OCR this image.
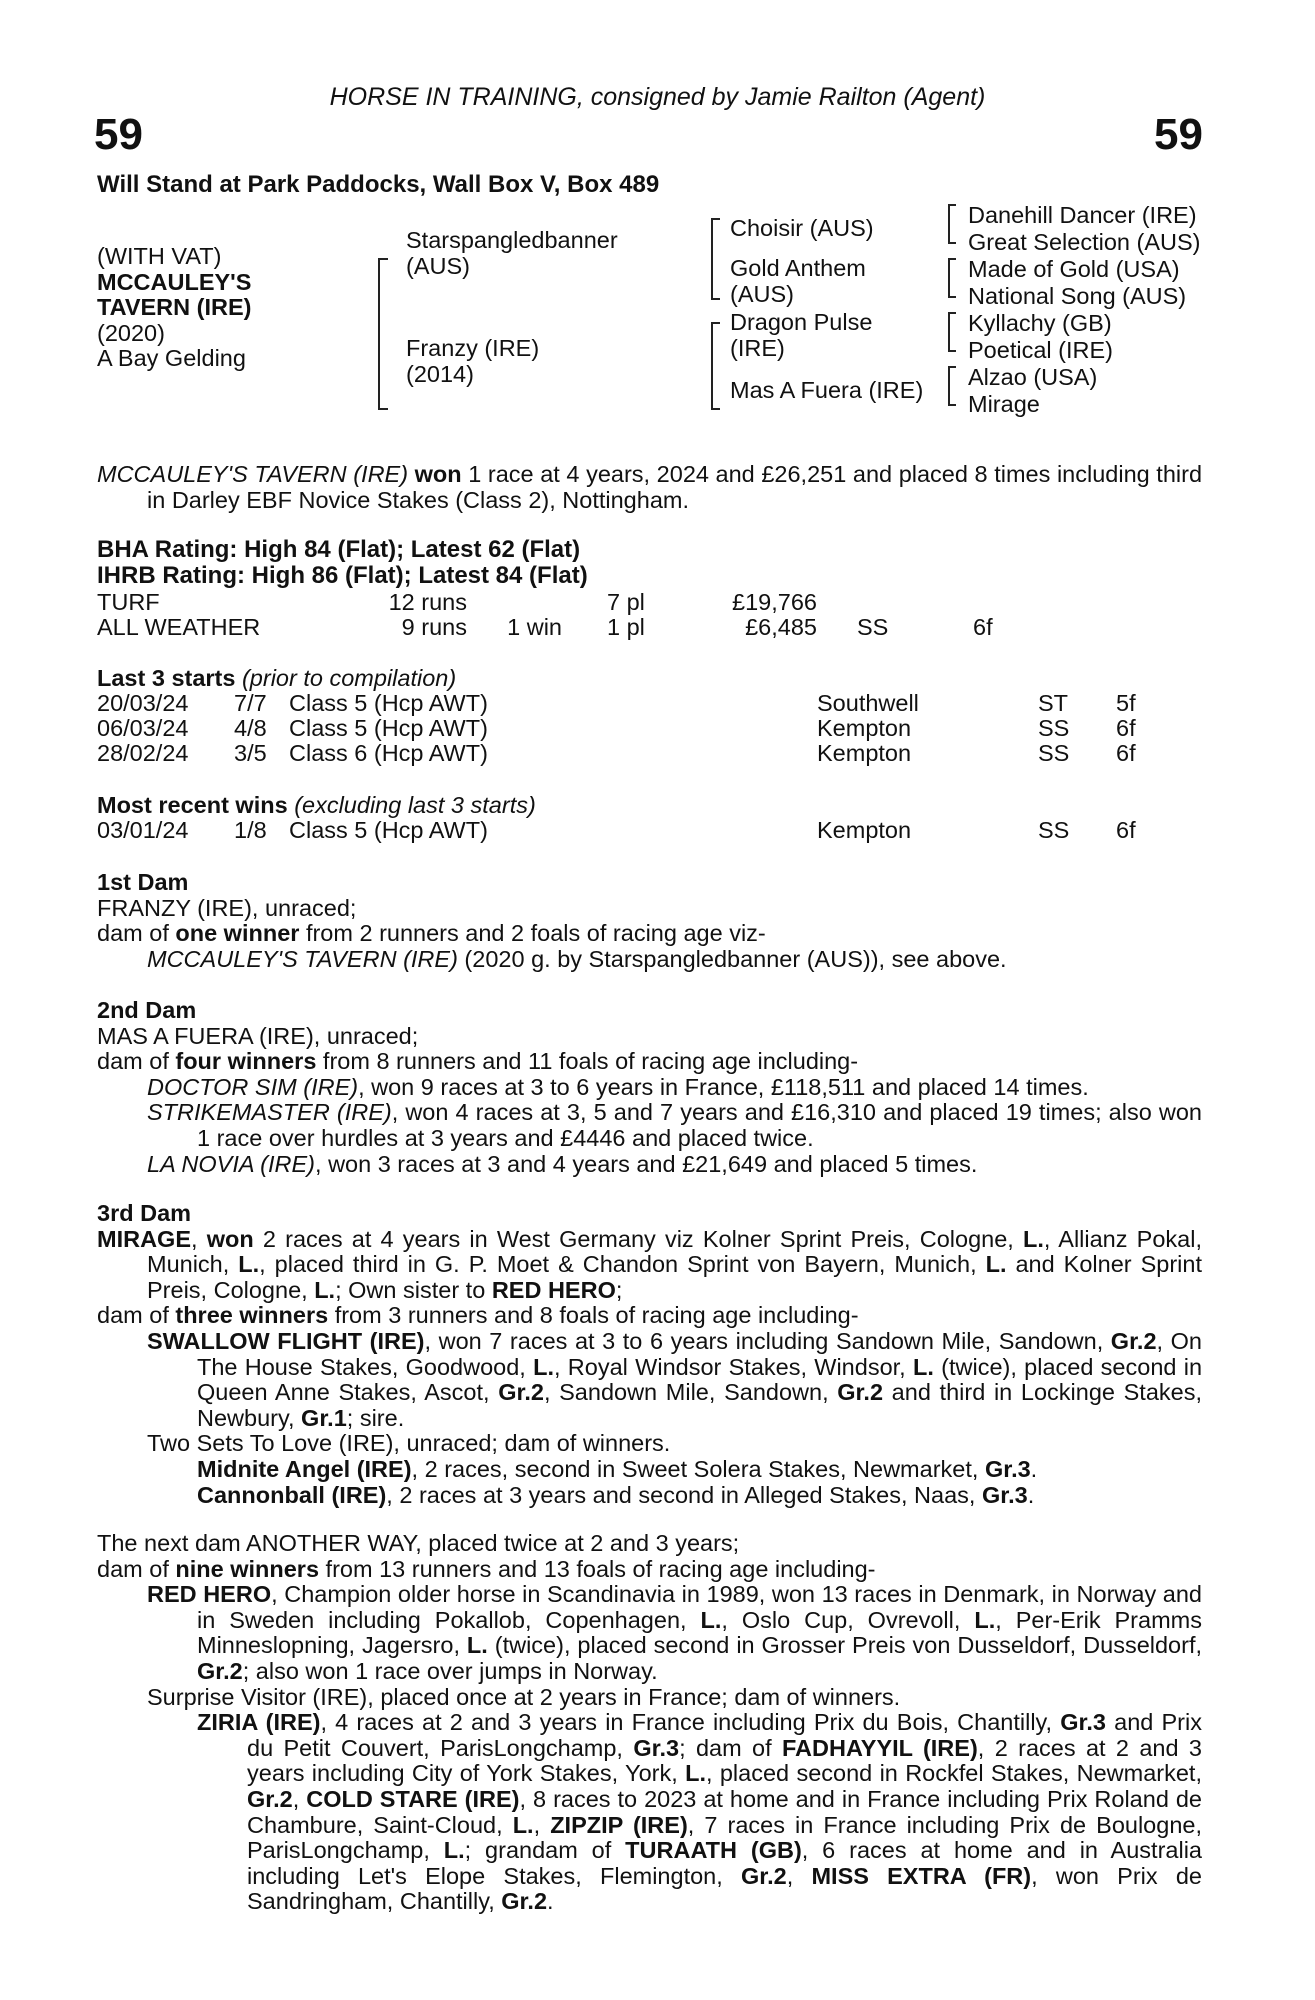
HORSE IN TRAINING, consigned by Jamie Railton (Agent)
59	59
Will Stand at Park Paddocks, Wall Box V, Box 489
(WITH VAT)
MCCAULEY'S
TAVERN (IRE)
(2020)
A Bay Gelding
Starspangledbanner
(AUS)
Franzy (IRE)
(2014)
Choisir (AUS)
Gold Anthem
(AUS)
Dragon Pulse
(IRE)
Mas A Fuera (IRE)
Danehill Dancer (IRE)
Great Selection (AUS)
Made of Gold (USA)
National Song (AUS)
Kyllachy (GB)
Poetical (IRE)
Alzao (USA)
Mirage

MCCAULEY'S TAVERN (IRE) won 1 race at 4 years, 2024 and £26,251 and placed 8 times including third in Darley EBF Novice Stakes (Class 2), Nottingham.

BHA Rating: High 84 (Flat); Latest 62 (Flat)
IHRB Rating: High 86 (Flat); Latest 84 (Flat)
TURF	12 runs	7 pl	£19,766
ALL WEATHER	9 runs	1 win 1 pl	£6,485 SS	6f
Last 3 starts (prior to compilation)
20/03/24 7/7 Class 5 (Hcp AWT)	Southwell	ST 5f
06/03/24 4/8 Class 5 (Hcp AWT)	Kempton	SS 6f
28/02/24 3/5 Class 6 (Hcp AWT)	Kempton	SS 6f
Most recent wins (excluding last 3 starts)
03/01/24 1/8 Class 5 (Hcp AWT)	Kempton	SS 6f

1st Dam

FRANZY (IRE), unraced;

dam of one winner from 2 runners and 2 foals of racing age viz-

MCCAULEY'S TAVERN (IRE) (2020 g. by Starspangledbanner (AUS)), see above.

2nd Dam

MAS A FUERA (IRE), unraced;

dam of four winners from 8 runners and 11 foals of racing age including-

DOCTOR SIM (IRE), won 9 races at 3 to 6 years in France, £118,511 and placed 14 times.

STRIKEMASTER (IRE), won 4 races at 3, 5 and 7 years and £16,310 and placed 19 times; also won 1 race over hurdles at 3 years and £4446 and placed twice.

LA NOVIA (IRE), won 3 races at 3 and 4 years and £21,649 and placed 5 times.

3rd Dam

MIRAGE, won 2 races at 4 years in West Germany viz Kolner Sprint Preis, Cologne, L., Allianz Pokal, Munich, L., placed third in G. P. Moet & Chandon Sprint von Bayern, Munich, L. and Kolner Sprint Preis, Cologne, L.; Own sister to RED HERO;

dam of three winners from 3 runners and 8 foals of racing age including-

SWALLOW FLIGHT (IRE), won 7 races at 3 to 6 years including Sandown Mile, Sandown, Gr.2, On The House Stakes, Goodwood, L., Royal Windsor Stakes, Windsor, L. (twice), placed second in Queen Anne Stakes, Ascot, Gr.2, Sandown Mile, Sandown, Gr.2 and third in Lockinge Stakes, Newbury, Gr.1; sire.

Two Sets To Love (IRE), unraced; dam of winners.

Midnite Angel (IRE), 2 races, second in Sweet Solera Stakes, Newmarket, Gr.3.

Cannonball (IRE), 2 races at 3 years and second in Alleged Stakes, Naas, Gr.3.

The next dam ANOTHER WAY, placed twice at 2 and 3 years;

dam of nine winners from 13 runners and 13 foals of racing age including-

RED HERO, Champion older horse in Scandinavia in 1989, won 13 races in Denmark, in Norway and in Sweden including Pokallob, Copenhagen, L., Oslo Cup, Ovrevoll, L., Per-Erik Pramms Minneslopning, Jagersro, L. (twice), placed second in Grosser Preis von Dusseldorf, Dusseldorf, Gr.2; also won 1 race over jumps in Norway.

Surprise Visitor (IRE), placed once at 2 years in France; dam of winners.

ZIRIA (IRE), 4 races at 2 and 3 years in France including Prix du Bois, Chantilly, Gr.3 and Prix du Petit Couvert, ParisLongchamp, Gr.3; dam of FADHAYYIL (IRE), 2 races at 2 and 3 years including City of York Stakes, York, L., placed second in Rockfel Stakes, Newmarket, Gr.2, COLD STARE (IRE), 8 races to 2023 at home and in France including Prix Roland de Chambure, Saint-Cloud, L., ZIPZIP (IRE), 7 races in France including Prix de Boulogne, ParisLongchamp, L.; grandam of TURAATH (GB), 6 races at home and in Australia including Let's Elope Stakes, Flemington, Gr.2, MISS EXTRA (FR), won Prix de Sandringham, Chantilly, Gr.2.
